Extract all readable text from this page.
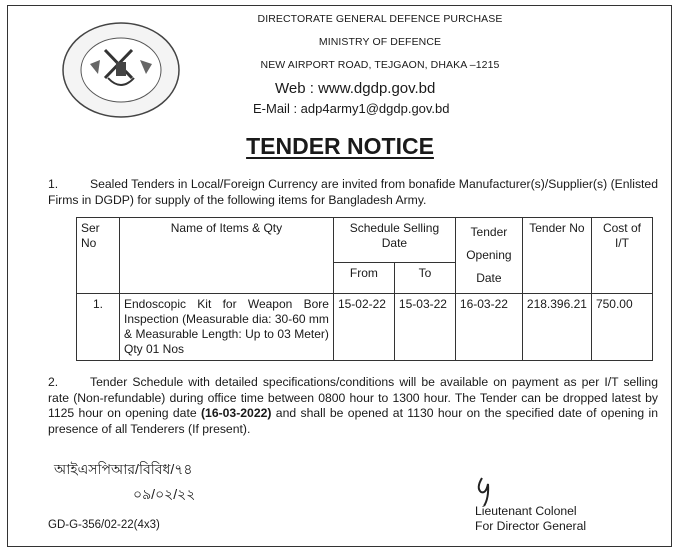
DIRECTORATE GENERAL DEFENCE PURCHASE
MINISTRY OF DEFENCE
NEW AIRPORT ROAD, TEJGAON, DHAKA –1215
Web : www.dgdp.gov.bd
E-Mail : adp4army1@dgdp.gov.bd
TENDER NOTICE
1.	Sealed Tenders in Local/Foreign Currency are invited from bonafide Manufacturer(s)/Supplier(s) (Enlisted Firms in DGDP) for supply of the following items for Bangladesh Army.
Ser No	Name of Items & Qty	Schedule Selling Date		Tender Opening Date	Tender No	Cost of I/T
		From	To			
1.	Endoscopic Kit for Weapon Bore Inspection (Measurable dia: 30-60 mm & Measurable Length: Up to 03 Meter) Qty 01 Nos	15-02-22	15-03-22	16-03-22	218.396.21	750.00
2.	Tender Schedule with detailed specifications/conditions will be available on payment as per I/T selling rate (Non-refundable) during office time between 0800 hour to 1300 hour. The Tender can be dropped latest by 1125 hour on opening date (16-03-2022) and shall be opened at 1130 hour on the specified date of opening in presence of all Tenderers (If present).
আইএসপিআর/বিবিধ/৭৪
০৯/০২/২২
GD-G-356/02-22(4x3)
Lieutenant Colonel
For Director General
